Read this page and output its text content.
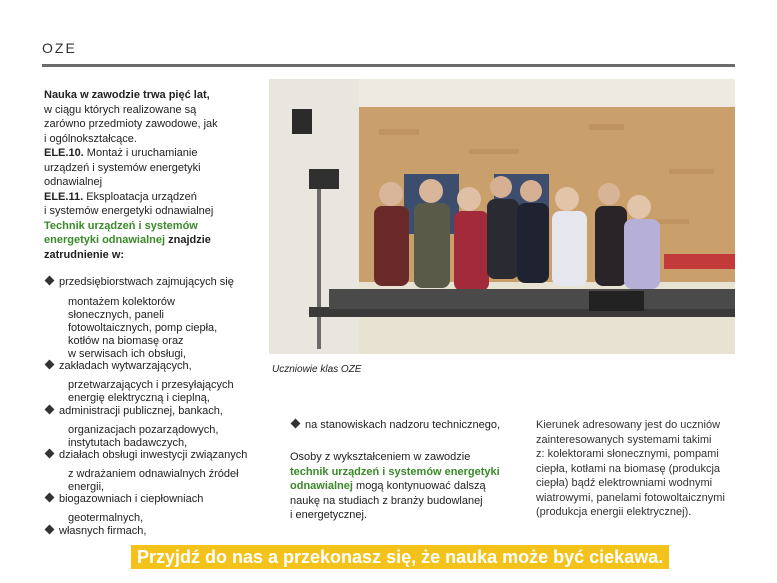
OZE

Nauka w zawodzie trwa pięć lat,

w ciągu których realizowane są

zarówno przedmioty zawodowe, jak

i ogólnokształcące.

ELE.10. Montaż i uruchamianie

urządzeń i systemów energetyki

odnawialnej

ELE.11. Eksploatacja urządzeń

i systemów energetyki odnawialnej

Technik urządzeń i systemów

energetyki odnawialnej znajdzie

zatrudnienie w:

przedsiębiorstwach zajmujących się
montażem kolektorów
słonecznych, paneli
fotowoltaicznych, pomp ciepła,
kotłów na biomasę oraz
w serwisach ich obsługi,
zakładach wytwarzających,
przetwarzających i przesyłających
energię elektryczną i cieplną,
administracji publicznej, bankach,
organizacjach pozarządowych,
instytutach badawczych,
działach obsługi inwestycji związanych
z wdrażaniem odnawialnych źródeł
energii,
biogazowniach i ciepłowniach
geotermalnych,
własnych firmach,
Uczniowie klas OZE
na stanowiskach nadzoru technicznego,
Osoby z wykształceniem w zawodzie
technik urządzeń i systemów energetyki
odnawialnej mogą kontynuować dalszą
naukę na studiach z branży budowlanej
i energetycznej.
Kierunek adresowany jest do uczniów
zainteresowanych systemami takimi
z: kolektorami słonecznymi, pompami
ciepła, kotłami na biomasę (produkcja
ciepła) bądź elektrowniami wodnymi
wiatrowymi, panelami fotowoltaicznymi
(produkcja energii elektrycznej).
Przyjdź do nas a przekonasz się, że nauka może być ciekawa.
